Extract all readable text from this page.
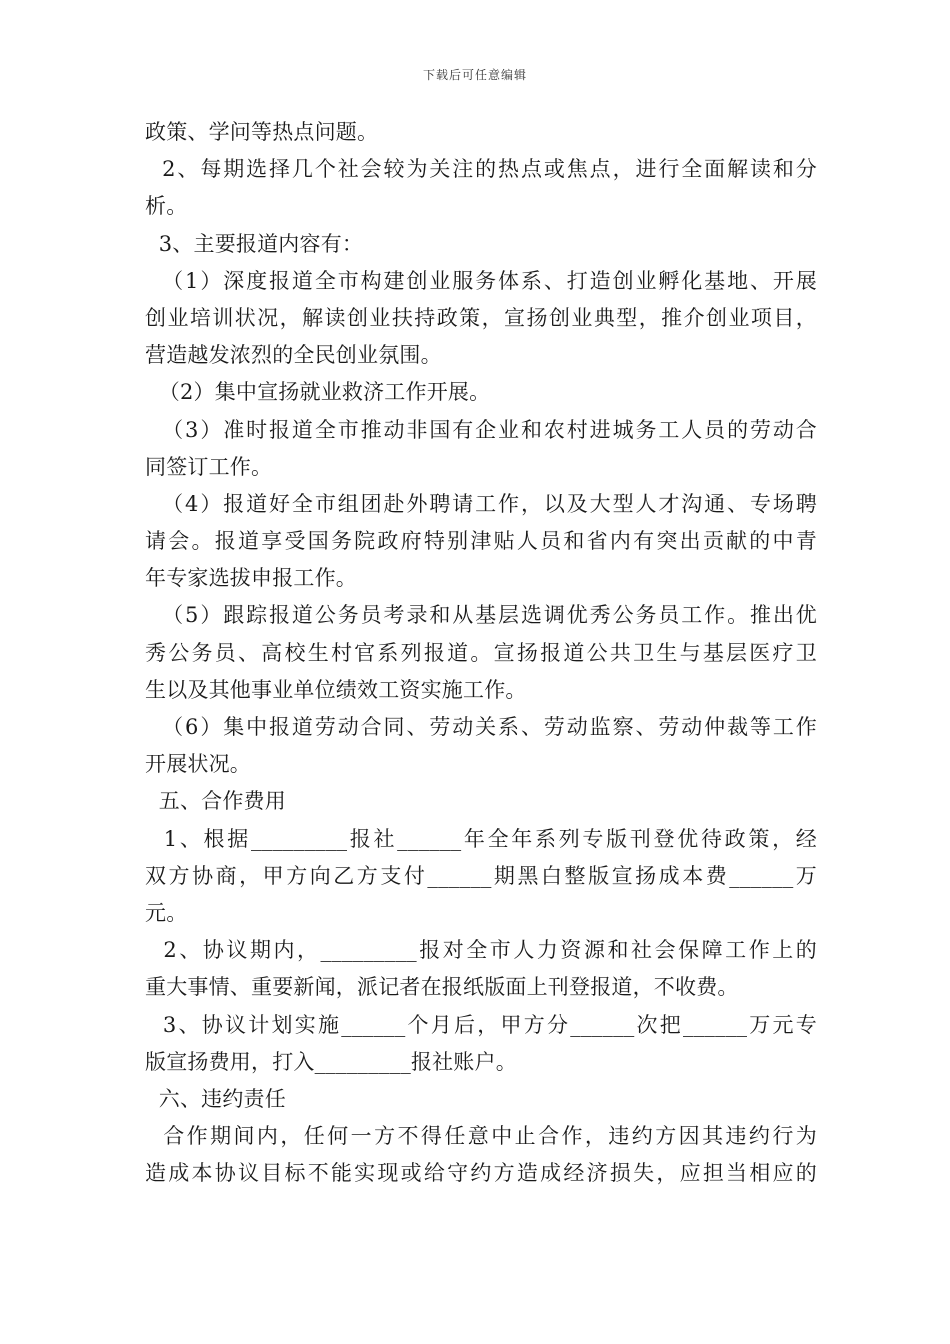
下载后可任意编辑
政策、学问等热点问题。
2、每期选择几个社会较为关注的热点或焦点，进行全面解读和分
析。
3、主要报道内容有：
（1）深度报道全市构建创业服务体系、打造创业孵化基地、开展
创业培训状况，解读创业扶持政策，宣扬创业典型，推介创业项目，
营造越发浓烈的全民创业氛围。
（2）集中宣扬就业救济工作开展。
（3）准时报道全市推动非国有企业和农村进城务工人员的劳动合
同签订工作。
（4）报道好全市组团赴外聘请工作，以及大型人才沟通、专场聘
请会。报道享受国务院政府特别津贴人员和省内有突出贡献的中青
年专家选拔申报工作。
（5）跟踪报道公务员考录和从基层选调优秀公务员工作。推出优
秀公务员、高校生村官系列报道。宣扬报道公共卫生与基层医疗卫
生以及其他事业单位绩效工资实施工作。
（6）集中报道劳动合同、劳动关系、劳动监察、劳动仲裁等工作
开展状况。
五、合作费用
1、根据_________报社______年全年系列专版刊登优待政策，经
双方协商，甲方向乙方支付______期黑白整版宣扬成本费______万
元。
2、协议期内，_________报对全市人力资源和社会保障工作上的
重大事情、重要新闻，派记者在报纸版面上刊登报道，不收费。
3、协议计划实施______个月后，甲方分______次把______万元专
版宣扬费用，打入_________报社账户。
六、违约责任
合作期间内，任何一方不得任意中止合作，违约方因其违约行为
造成本协议目标不能实现或给守约方造成经济损失，应担当相应的
